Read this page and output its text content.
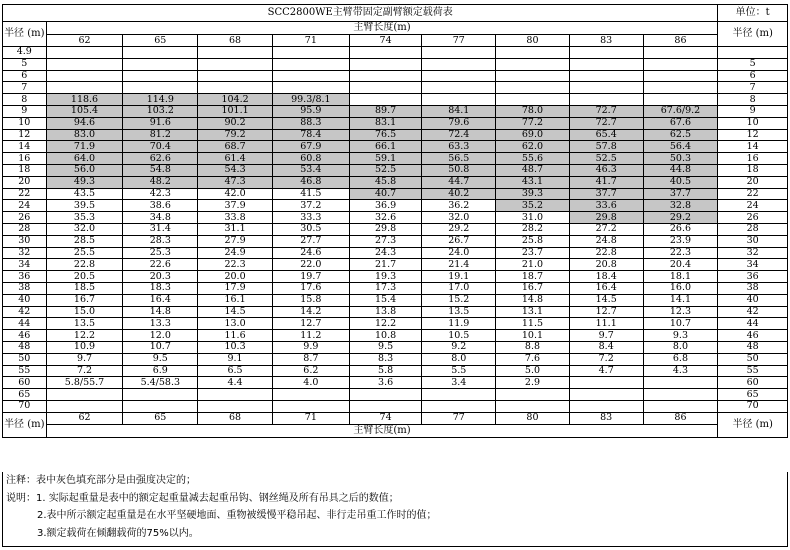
SCC2800WE主臂带固定副臂额定载荷表										单位：t
半径 (m)	主臂长度(m)									半径 (m)
	62	65	68	71	74	77	80	83	86	
4.9										
5										5
6										6
7										7
8	118.6	114.9	104.2	99.3/8.1						8
9	105.4	103.2	101.1	95.9	89.7	84.1	78.0	72.7	67.6/9.2	9
10	94.6	91.6	90.2	88.3	83.1	79.6	77.2	72.7	67.6	10
12	83.0	81.2	79.2	78.4	76.5	72.4	69.0	65.4	62.5	12
14	71.9	70.4	68.7	67.9	66.1	63.3	62.0	57.8	56.4	14
16	64.0	62.6	61.4	60.8	59.1	56.5	55.6	52.5	50.3	16
18	56.0	54.8	54.3	53.4	52.5	50.8	48.7	46.3	44.8	18
20	49.3	48.2	47.3	46.8	45.8	44.7	43.1	41.7	40.5	20
22	43.5	42.3	42.0	41.5	40.7	40.2	39.3	37.7	37.7	22
24	39.5	38.6	37.9	37.2	36.9	36.2	35.2	33.6	32.8	24
26	35.3	34.8	33.8	33.3	32.6	32.0	31.0	29.8	29.2	26
28	32.0	31.4	31.1	30.5	29.8	29.2	28.2	27.2	26.6	28
30	28.5	28.3	27.9	27.7	27.3	26.7	25.8	24.8	23.9	30
32	25.5	25.3	24.9	24.6	24.3	24.0	23.7	22.8	22.3	32
34	22.8	22.6	22.3	22.0	21.7	21.4	21.0	20.8	20.4	34
36	20.5	20.3	20.0	19.7	19.3	19.1	18.7	18.4	18.1	36
38	18.5	18.3	17.9	17.6	17.3	17.0	16.7	16.4	16.0	38
40	16.7	16.4	16.1	15.8	15.4	15.2	14.8	14.5	14.1	40
42	15.0	14.8	14.5	14.2	13.8	13.5	13.1	12.7	12.3	42
44	13.5	13.3	13.0	12.7	12.2	11.9	11.5	11.1	10.7	44
46	12.2	12.0	11.6	11.2	10.8	10.5	10.1	9.7	9.3	46
48	10.9	10.7	10.3	9.9	9.5	9.2	8.8	8.4	8.0	48
50	9.7	9.5	9.1	8.7	8.3	8.0	7.6	7.2	6.8	50
55	7.2	6.9	6.5	6.2	5.8	5.5	5.0	4.7	4.3	55
60	5.8/55.7	5.4/58.3	4.4	4.0	3.6	3.4	2.9			60
65										65
70										70
半径 (m)	62	65	68	71	74	77	80	83	86	半径 (m)
	主臂长度(m)									
注释：表中灰色填充部分是由强度决定的；
说明：1. 实际起重量是表中的额定起重量减去起重吊钩、钢丝绳及所有吊具之后的数值；
2.表中所示额定起重量是在水平坚硬地面、重物被缓慢平稳吊起、非行走吊重工作时的值；
3.额定载荷在倾翻载荷的75%以内。
